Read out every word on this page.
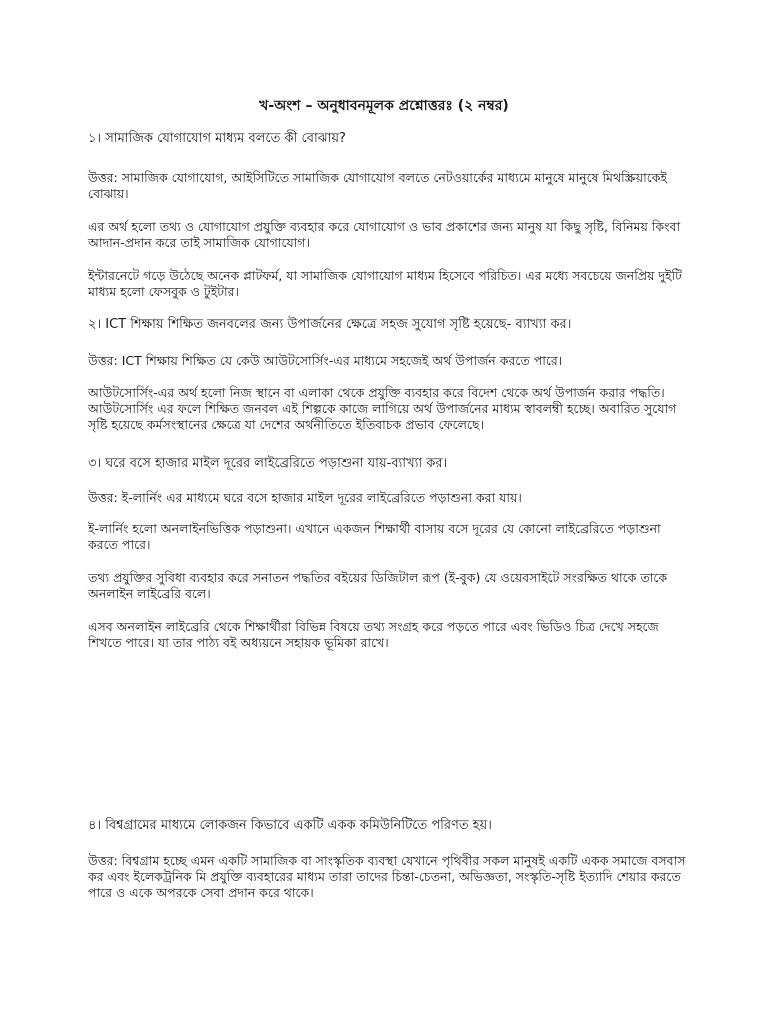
খ-অংশ – অনুধাবনমূলক প্রশ্নোত্তরঃ (২ নম্বর)

১। সামাজিক যোগাযোগ মাধ্যম বলতে কী বোঝায়?

উত্তর: সামাজিক যোগাযোগ, আইসিটিতে সামাজিক যোগাযোগ বলতে নেটওয়ার্কের মাধ্যমে মানুষে মানুষে মিথস্ক্রিয়াকেই বোঝায়।

এর অর্থ হলো তথ্য ও যোগাযোগ প্রযুক্তি ব্যবহার করে যোগাযোগ ও ভাব প্রকাশের জন্য মানুষ যা কিছু সৃষ্টি, বিনিময় কিংবা আদান-প্রদান করে তাই সামাজিক যোগাযোগ।

ইন্টারনেটে গড়ে উঠেছে অনেক প্লাটফর্ম, যা সামাজিক যোগাযোগ মাধ্যম হিসেবে পরিচিত। এর মধ্যে সবচেয়ে জনপ্রিয় দুইটি মাধ্যম হলো ফেসবুক ও টুইটার।

২। ICT শিক্ষায় শিক্ষিত জনবলের জন্য উপার্জনের ক্ষেত্রে সহজ সুযোগ সৃষ্টি হয়েছে- ব্যাখ্যা কর।

উত্তর: ICT শিক্ষায় শিক্ষিত যে কেউ আউটসোর্সিং-এর মাধ্যমে সহজেই অর্থ উপার্জন করতে পারে।

আউটসোর্সিং-এর অর্থ হলো নিজ স্থানে বা এলাকা থেকে প্রযুক্তি ব্যবহার করে বিদেশ থেকে অর্থ উপার্জন করার পদ্ধতি। আউটসোর্সিং এর ফলে শিক্ষিত জনবল এই শিল্পকে কাজে লাগিয়ে অর্থ উপার্জনের মাধ্যম স্বাবলম্বী হচ্ছে। অবারিত সুযোগ সৃষ্টি হয়েছে কর্মসংস্থানের ক্ষেত্রে যা দেশের অর্থনীতিতে ইতিবাচক প্রভাব ফেলেছে।

৩। ঘরে বসে হাজার মাইল দূরের লাইব্রেরিতে পড়াশুনা যায়-ব্যাখ্যা কর।

উত্তর: ই-লার্নিং এর মাধ্যমে ঘরে বসে হাজার মাইল দূরের লাইব্রেরিতে পড়াশুনা করা যায়।

ই-লার্নিং হলো অনলাইনভিত্তিক পড়াশুনা। এখানে একজন শিক্ষার্থী বাসায় বসে দূরের যে কোনো লাইব্রেরিতে পড়াশুনা করতে পারে।

তথ্য প্রযুক্তির সুবিধা ব্যবহার করে সনাতন পদ্ধতির বইয়ের ডিজিটাল রূপ (ই-বুক) যে ওয়েবসাইটে সংরক্ষিত থাকে তাকে অনলাইন লাইব্রেরি বলে।

এসব অনলাইন লাইব্রেরি থেকে শিক্ষার্থীরা বিভিন্ন বিষয়ে তথ্য সংগ্রহ করে পড়তে পারে এবং ভিডিও চিত্র দেখে সহজে শিখতে পারে। যা তার পাঠ্য বই অধ্যয়নে সহায়ক ভূমিকা রাখে।

৪। বিশ্বগ্রামের মাধ্যমে লোকজন কিভাবে একটি একক কমিউনিটিতে পরিণত হয়।

উত্তর: বিশ্বগ্রাম হচ্ছে এমন একটি সামাজিক বা সাংস্কৃতিক ব্যবস্থা যেখানে পৃথিবীর সকল মানুষই একটি একক সমাজে বসবাস কর এবং ইলেকট্রনিক মি প্রযুক্তি ব্যবহারের মাধ্যম তারা তাদের চিন্তা-চেতনা, অভিজ্ঞতা, সংস্কৃতি-সৃষ্টি ইত্যাদি শেয়ার করতে পারে ও একে অপরকে সেবা প্রদান করে থাকে।
